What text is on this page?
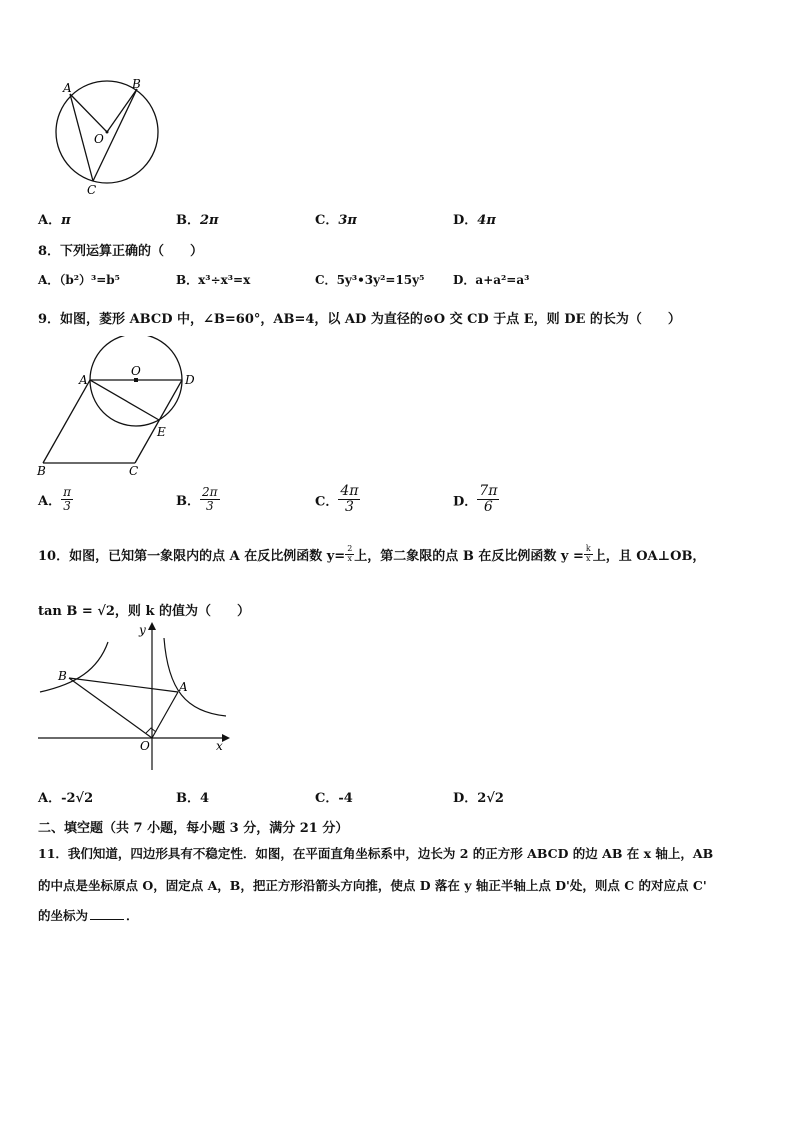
A	B
O
C
A．π	B．2π	C．3π	D．4π
8．下列运算正确的（　　）
A．（b²）³=b⁵	B．x³÷x³=x	C．5y³•3y²=15y⁵ D．a+a²=a³
9．如图，菱形 ABCD 中，∠B=60°，AB=4，以 AD 为直径的⊙O 交 CD 于点 E，则 DE 的长为（　　）
A
O
D
E
B	C
A． $\frac{\pi}{3}$	B． $\frac{2\pi}{3}$	C． $\frac{4\pi}{3}$	D． $\frac{7\pi}{6}$
10．如图，已知第一象限内的点 A 在反比例函数 $y= \frac{2}{x}$ 上，第二象限的点 B 在反比例函数 $y = \frac{k}{x}$ 上，且 OA⊥OB，
tan B = √2，则 k 的值为（　　）
y
x
B
A
O
A．-2√2	B．4	C．-4	D．2√2
二、填空题（共 7 小题，每小题 3 分，满分 21 分）
11．我们知道，四边形具有不稳定性．如图，在平面直角坐标系中，边长为 2 的正方形 ABCD 的边 AB 在 x 轴上，AB
的中点是坐标原点 O，固定点 A，B，把正方形沿箭头方向推，使点 D 落在 y 轴正半轴上点 D'处，则点 C 的对应点 C'
的坐标为	．
